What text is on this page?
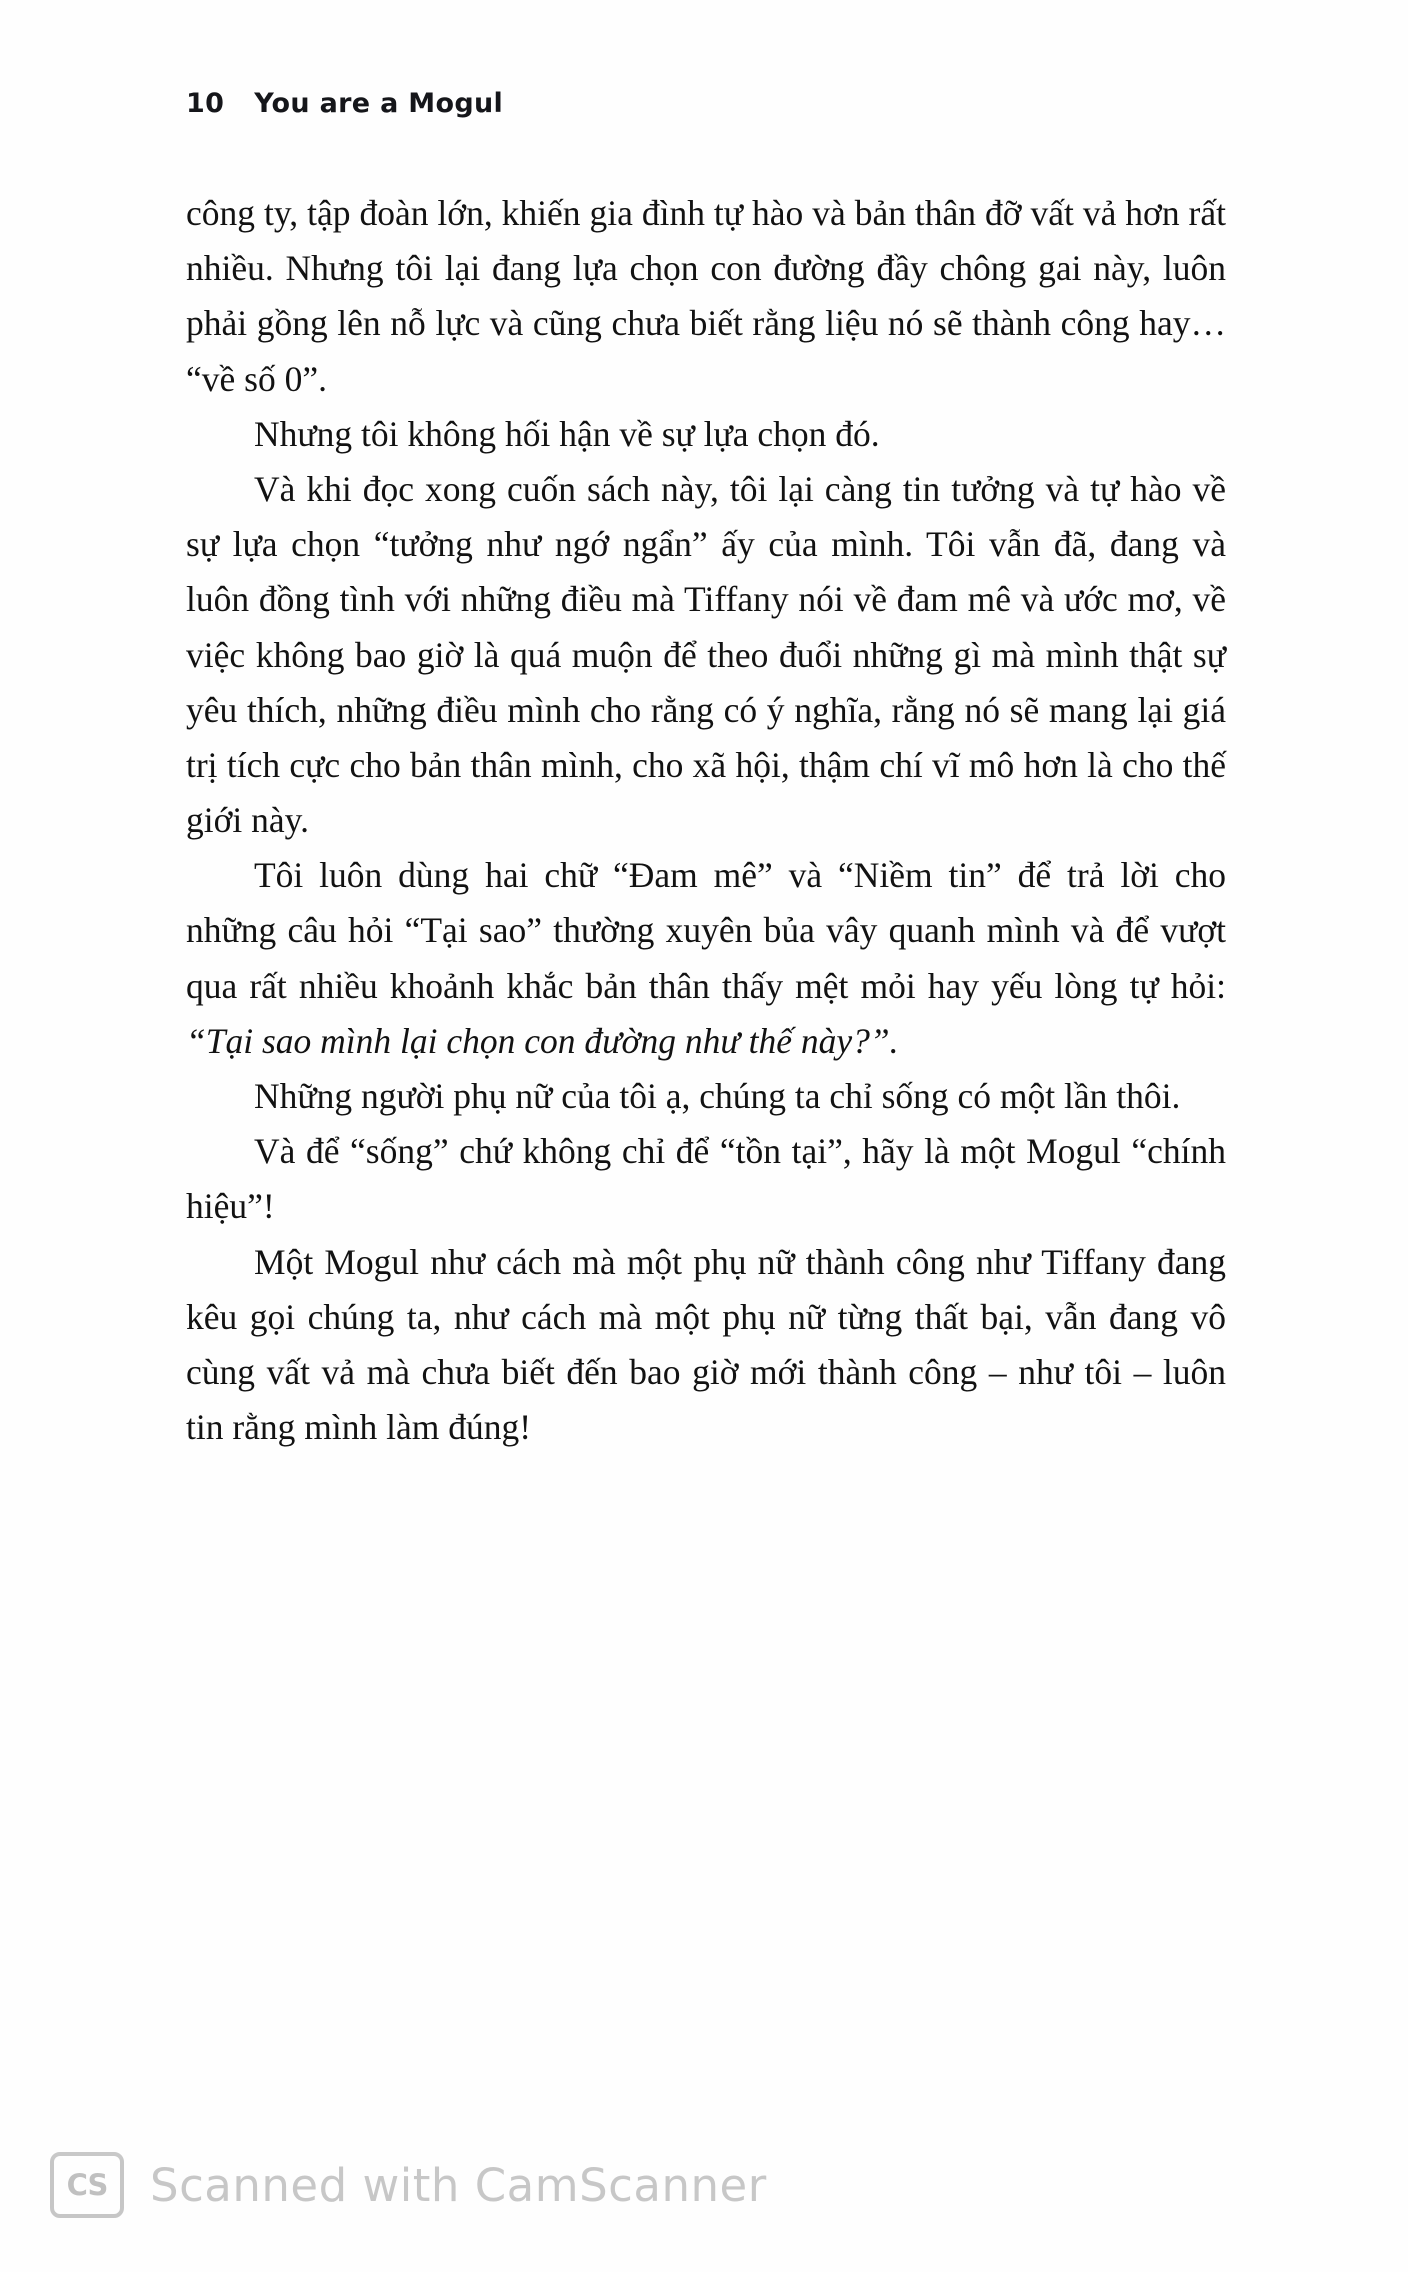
10 You are a Mogul

công ty, tập đoàn lớn, khiến gia đình tự hào và bản thân đỡ vất vả hơn rất nhiều. Nhưng tôi lại đang lựa chọn con đường đầy chông gai này, luôn phải gồng lên nỗ lực và cũng chưa biết rằng liệu nó sẽ thành công hay… “về số 0”.

Nhưng tôi không hối hận về sự lựa chọn đó.

Và khi đọc xong cuốn sách này, tôi lại càng tin tưởng và tự hào về sự lựa chọn “tưởng như ngớ ngẩn” ấy của mình. Tôi vẫn đã, đang và luôn đồng tình với những điều mà Tiffany nói về đam mê và ước mơ, về việc không bao giờ là quá muộn để theo đuổi những gì mà mình thật sự yêu thích, những điều mình cho rằng có ý nghĩa, rằng nó sẽ mang lại giá trị tích cực cho bản thân mình, cho xã hội, thậm chí vĩ mô hơn là cho thế giới này.

Tôi luôn dùng hai chữ “Đam mê” và “Niềm tin” để trả lời cho những câu hỏi “Tại sao” thường xuyên bủa vây quanh mình và để vượt qua rất nhiều khoảnh khắc bản thân thấy mệt mỏi hay yếu lòng tự hỏi: “Tại sao mình lại chọn con đường như thế này?”.

Những người phụ nữ của tôi ạ, chúng ta chỉ sống có một lần thôi.

Và để “sống” chứ không chỉ để “tồn tại”, hãy là một Mogul “chính hiệu”!

Một Mogul như cách mà một phụ nữ thành công như Tiffany đang kêu gọi chúng ta, như cách mà một phụ nữ từng thất bại, vẫn đang vô cùng vất vả mà chưa biết đến bao giờ mới thành công – như tôi – luôn tin rằng mình làm đúng!

CS Scanned with CamScanner
